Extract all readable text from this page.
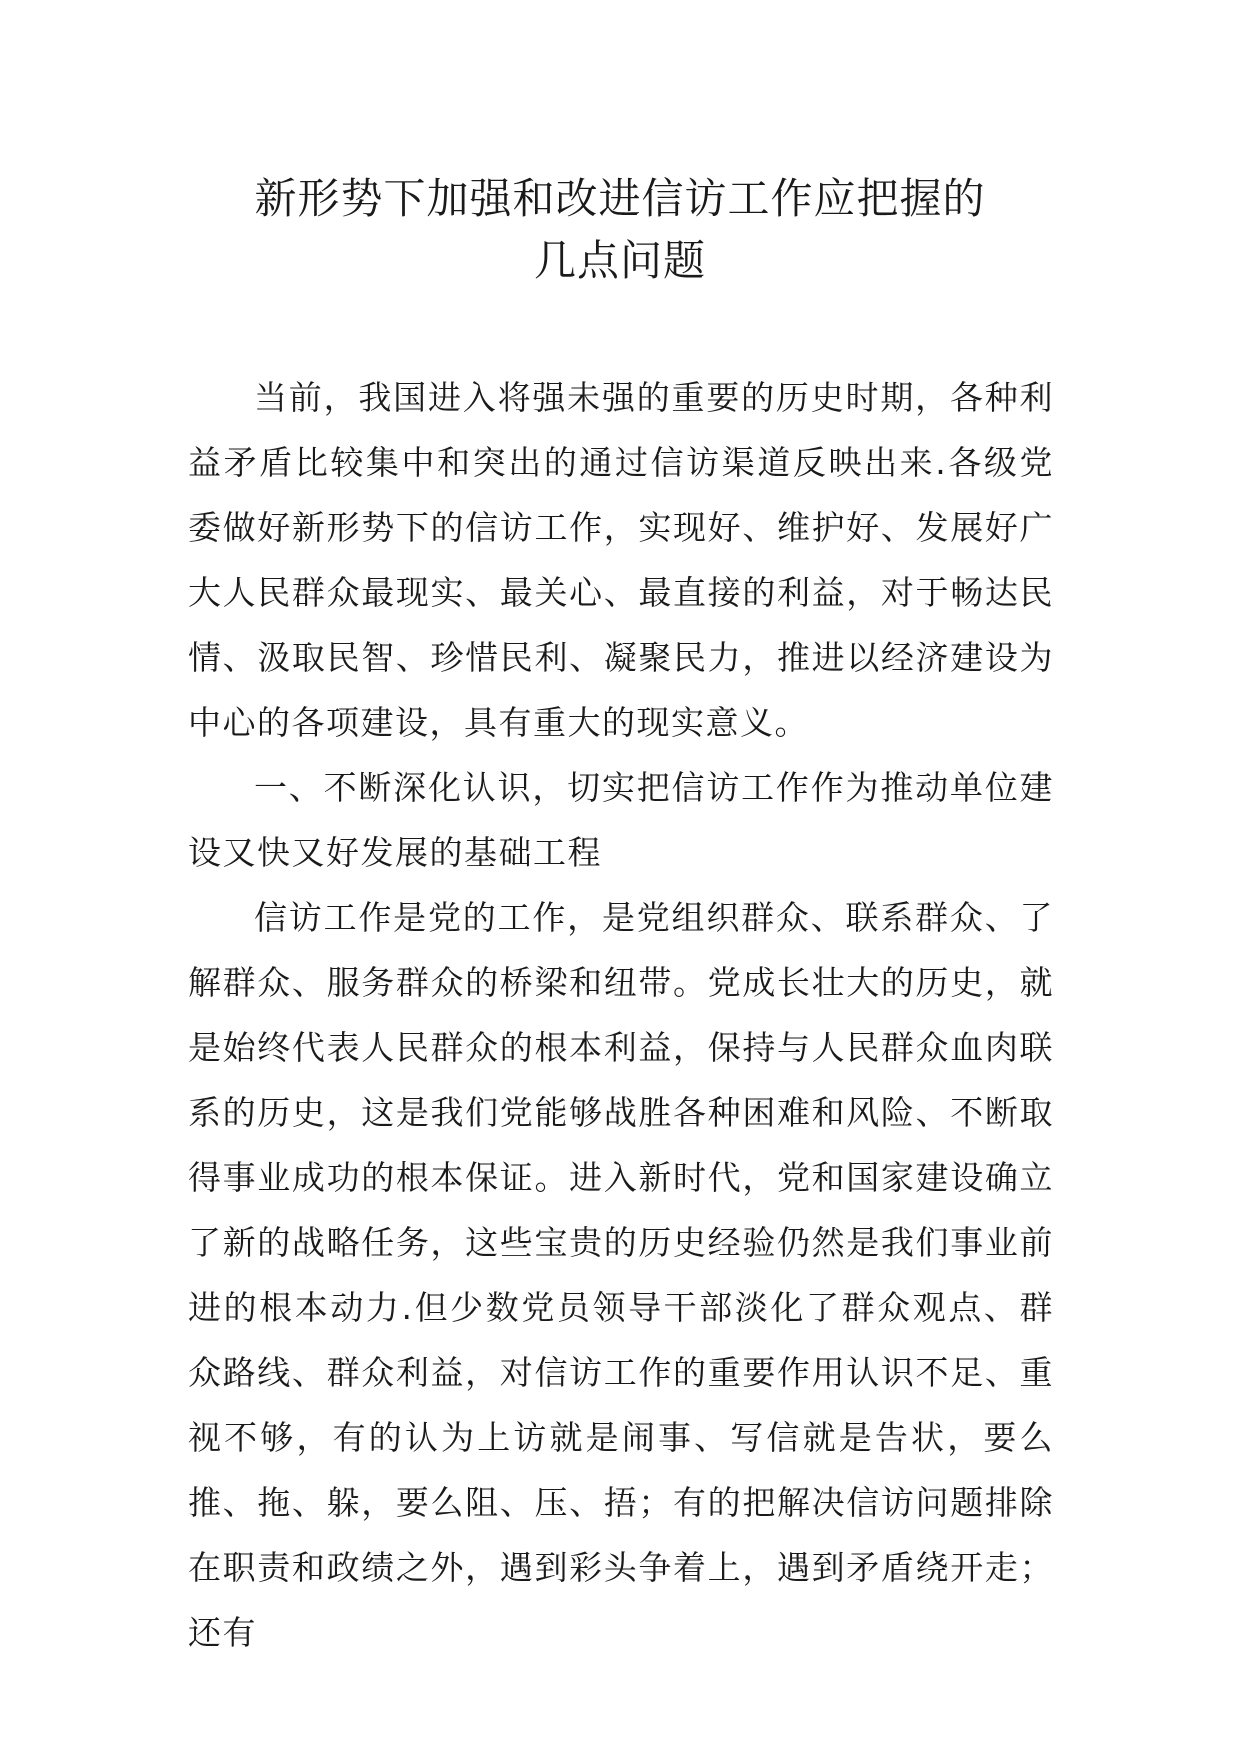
新形势下加强和改进信访工作应把握的
几点问题

当前，我国进入将强未强的重要的历史时期，各种利益矛盾比较集中和突出的通过信访渠道反映出来.各级党委做好新形势下的信访工作，实现好、维护好、发展好广大人民群众最现实、最关心、最直接的利益，对于畅达民情、汲取民智、珍惜民利、凝聚民力，推进以经济建设为中心的各项建设，具有重大的现实意义。

一、不断深化认识，切实把信访工作作为推动单位建设又快又好发展的基础工程

信访工作是党的工作，是党组织群众、联系群众、了解群众、服务群众的桥梁和纽带。党成长壮大的历史，就是始终代表人民群众的根本利益，保持与人民群众血肉联系的历史，这是我们党能够战胜各种困难和风险、不断取得事业成功的根本保证。进入新时代，党和国家建设确立了新的战略任务，这些宝贵的历史经验仍然是我们事业前进的根本动力.但少数党员领导干部淡化了群众观点、群众路线、群众利益，对信访工作的重要作用认识不足、重视不够，有的认为上访就是闹事、写信就是告状，要么推、拖、躲，要么阻、压、捂；有的把解决信访问题排除在职责和政绩之外，遇到彩头争着上，遇到矛盾绕开走；还有
